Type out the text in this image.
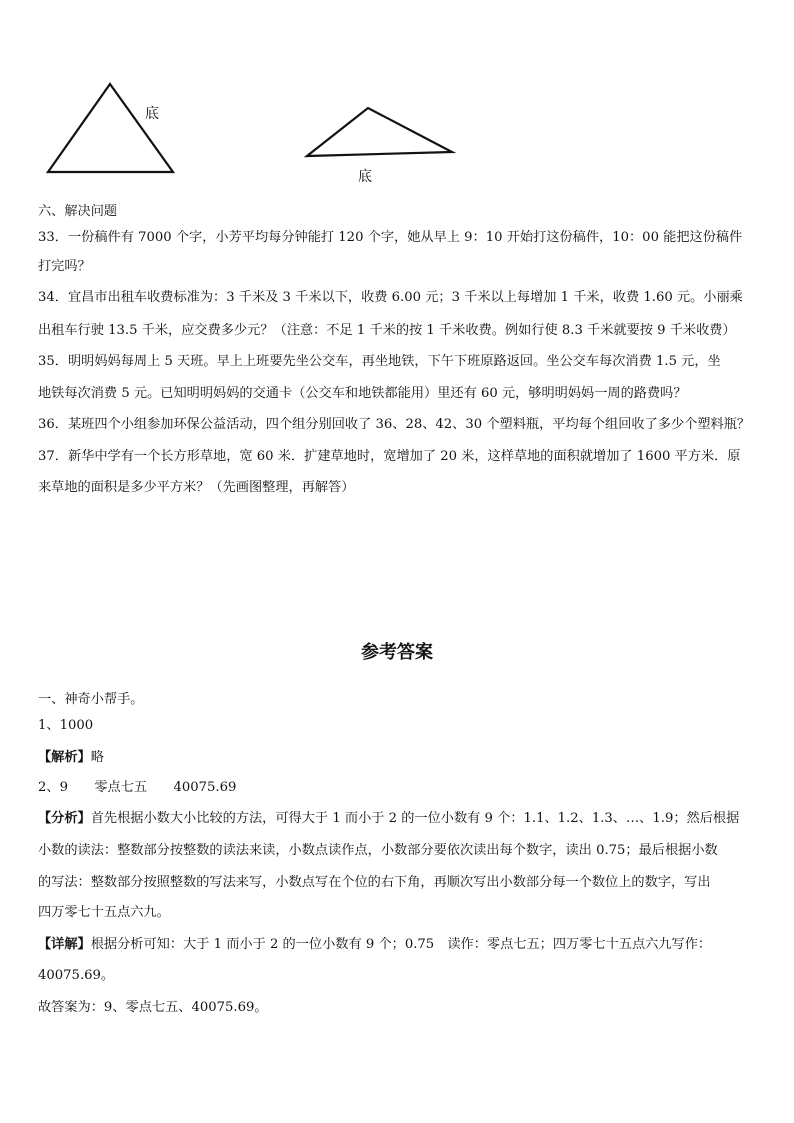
底
底
六、解决问题
33．一份稿件有 7000 个字，小芳平均每分钟能打 120 个字，她从早上 9：10 开始打这份稿件，10：00 能把这份稿件
打完吗？
34．宜昌市出租车收费标准为：3 千米及 3 千米以下，收费 6.00 元；3 千米以上每增加 1 千米，收费 1.60 元。小丽乘
出租车行驶 13.5 千米，应交费多少元？（注意：不足 1 千米的按 1 千米收费。例如行使 8.3 千米就要按 9 千米收费）
35．明明妈妈每周上 5 天班。早上上班要先坐公交车，再坐地铁，下午下班原路返回。坐公交车每次消费 1.5 元，坐
地铁每次消费 5 元。已知明明妈妈的交通卡（公交车和地铁都能用）里还有 60 元，够明明妈妈一周的路费吗？
36．某班四个小组参加环保公益活动，四个组分别回收了 36、28、42、30 个塑料瓶，平均每个组回收了多少个塑料瓶？
37．新华中学有一个长方形草地，宽 60 米．扩建草地时，宽增加了 20 米，这样草地的面积就增加了 1600 平方米．原
来草地的面积是多少平方米？（先画图整理，再解答）
参考答案
一、神奇小帮手。
1、1000
【解析】略
2、9　　零点七五　　40075.69
【分析】首先根据小数大小比较的方法，可得大于 1 而小于 2 的一位小数有 9 个：1.1、1.2、1.3、…、1.9；然后根据
小数的读法：整数部分按整数的读法来读，小数点读作点，小数部分要依次读出每个数字，读出 0.75；最后根据小数
的写法：整数部分按照整数的写法来写，小数点写在个位的右下角，再顺次写出小数部分每一个数位上的数字，写出
四万零七十五点六九。
【详解】根据分析可知：大于 1 而小于 2 的一位小数有 9 个；0.75　读作：零点七五；四万零七十五点六九写作：
40075.69。
故答案为：9、零点七五、40075.69。
